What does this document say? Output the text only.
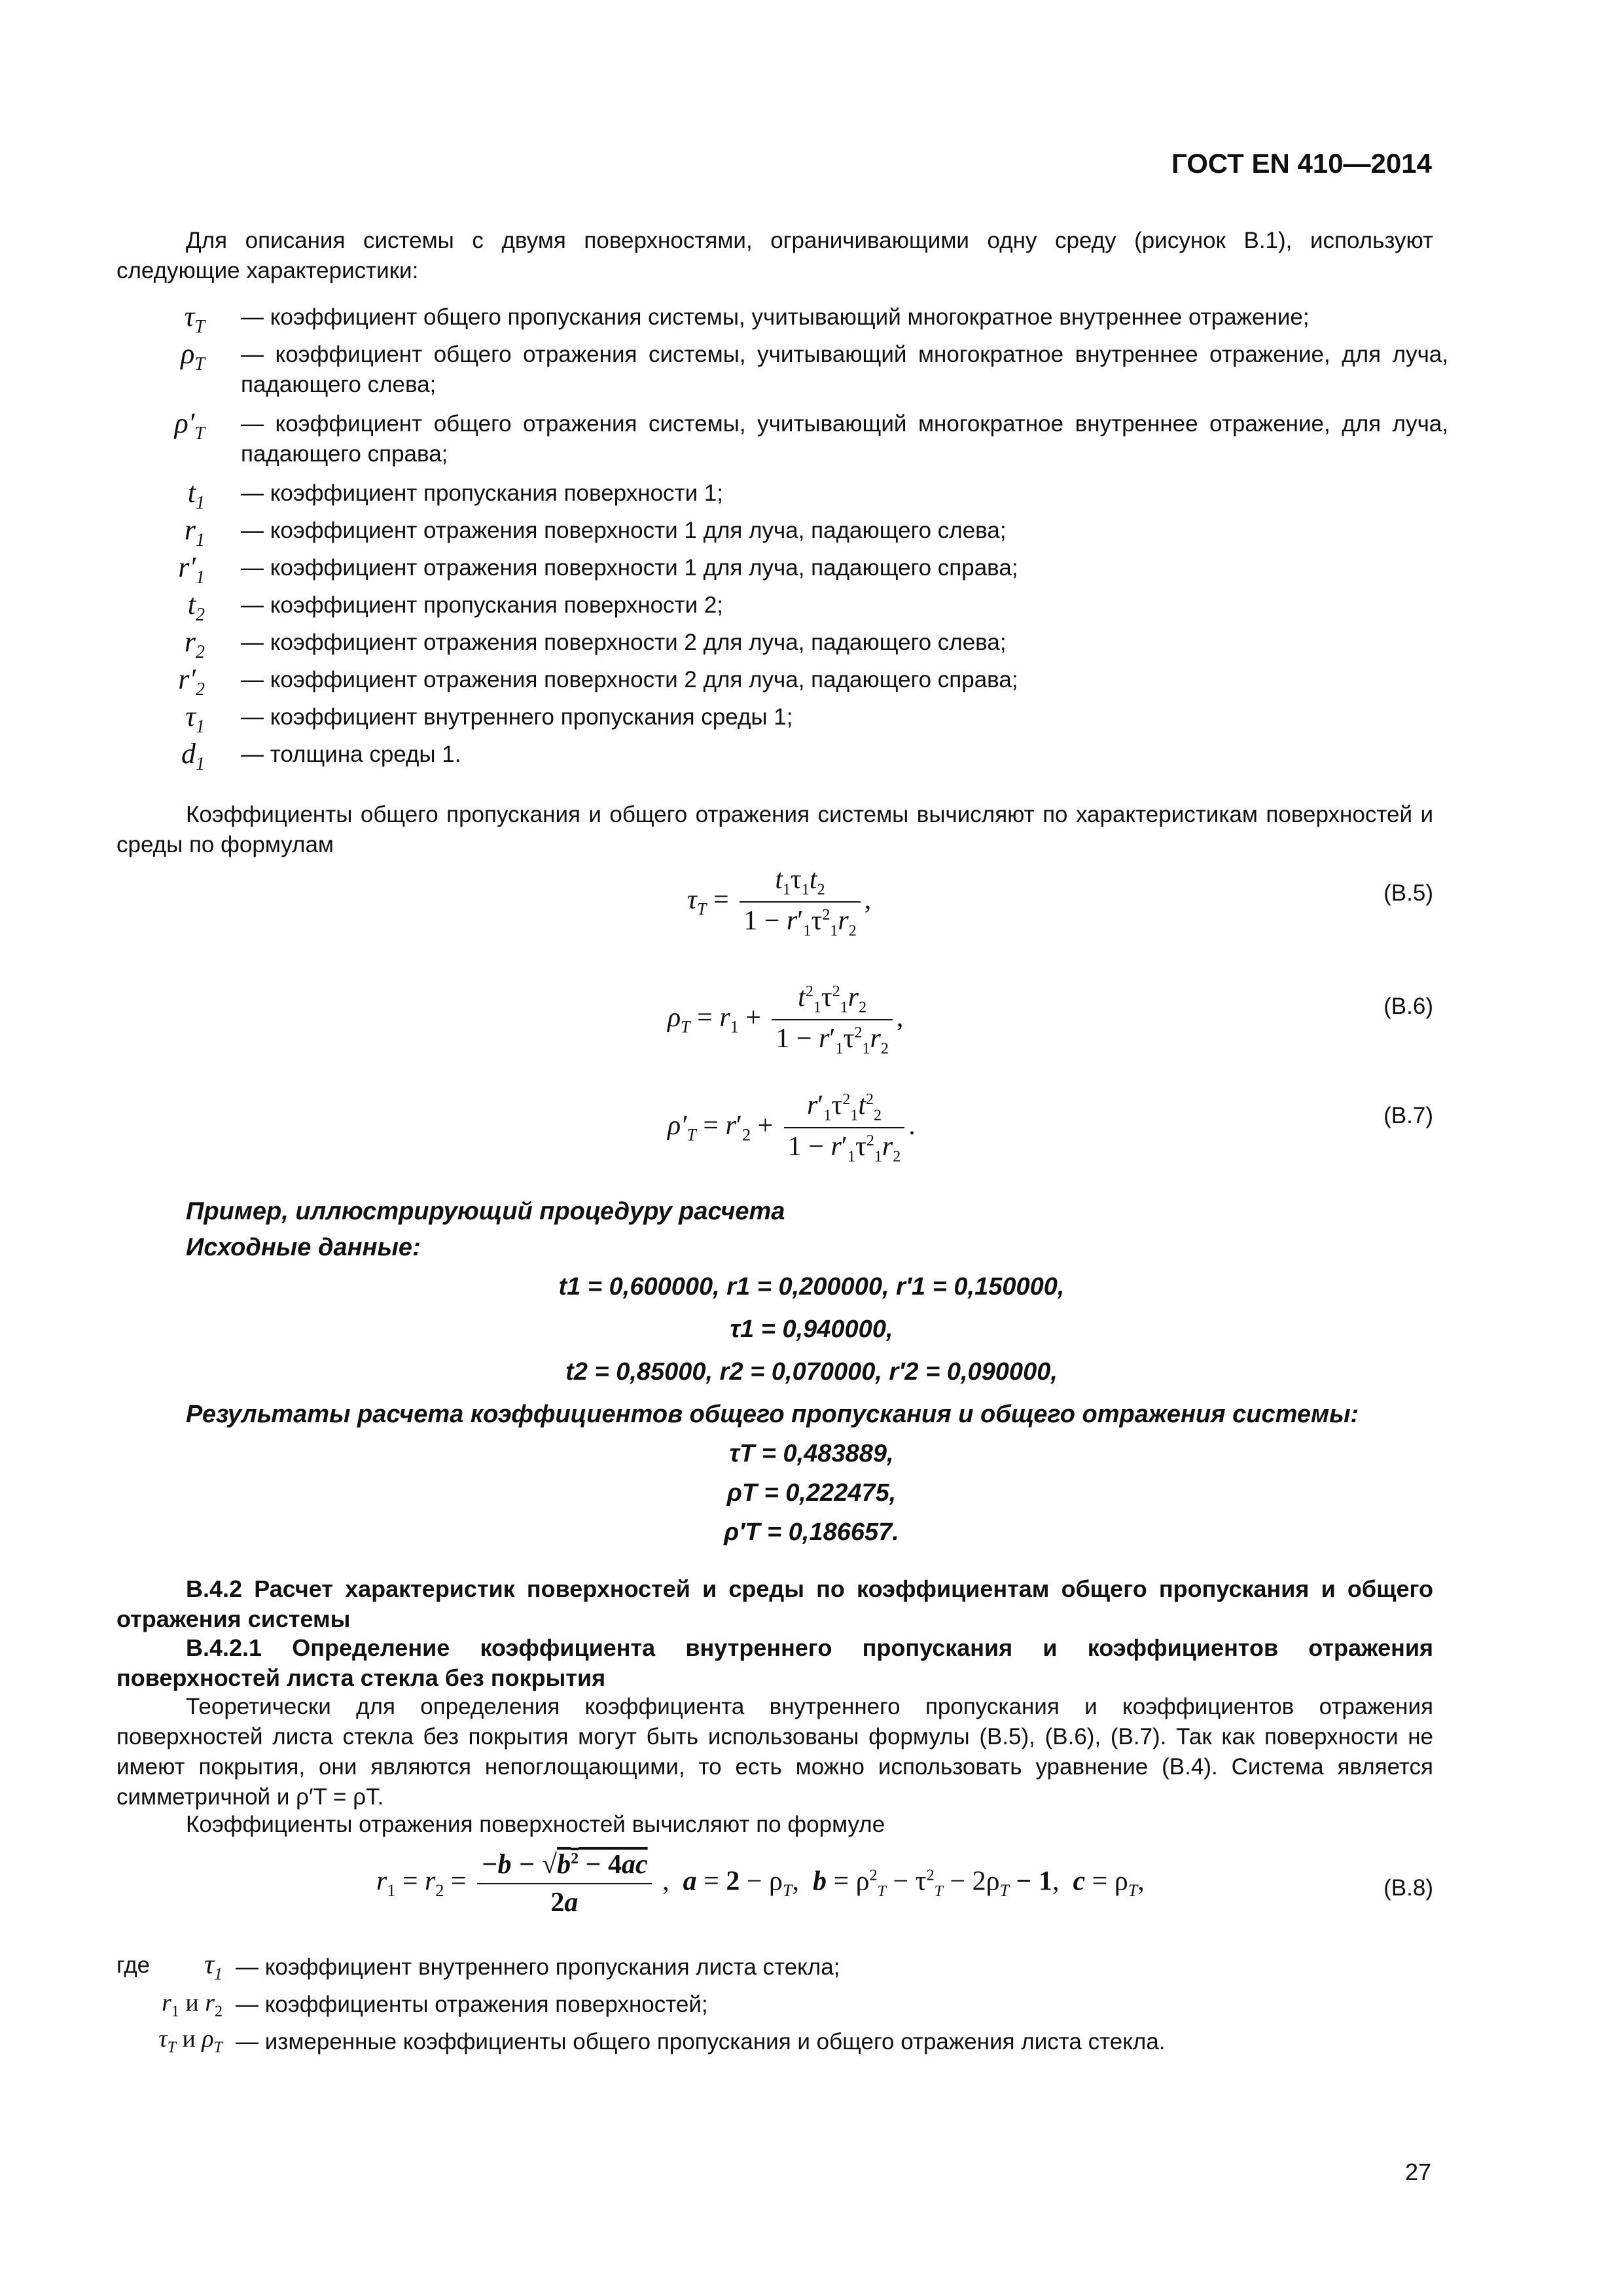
ГОСТ EN 410—2014
Для описания системы с двумя поверхностями, ограничивающими одну среду (рисунок В.1), используют следующие характеристики:
$\tau_T$ — коэффициент общего пропускания системы, учитывающий многократное внутреннее отражение;
$\rho_T$ — коэффициент общего отражения системы, учитывающий многократное внутреннее отражение, для луча, падающего слева;
$\rho'_T$ — коэффициент общего отражения системы, учитывающий многократное внутреннее отражение, для луча, падающего справа;
$t_1$ — коэффициент пропускания поверхности 1;
$r_1$ — коэффициент отражения поверхности 1 для луча, падающего слева;
$r'_1$ — коэффициент отражения поверхности 1 для луча, падающего справа;
$t_2$ — коэффициент пропускания поверхности 2;
$r_2$ — коэффициент отражения поверхности 2 для луча, падающего слева;
$r'_2$ — коэффициент отражения поверхности 2 для луча, падающего справа;
$\tau_1$ — коэффициент внутреннего пропускания среды 1;
$d_1$ — толщина среды 1.
Коэффициенты общего пропускания и общего отражения системы вычисляют по характеристикам поверхностей и среды по формулам
$\tau_T = \frac{t_1\tau_1t_2}{1 - r'_1\tau^2_1r_2}$ ,	(В.5)
$\rho_T = r_1 + \frac{t^2_1\tau^2_1r_2}{1 - r'_1\tau^2_1r_2}$ ,	(В.6)
$\rho'_T = r'_2 + \frac{r'_1\tau^2_1t^2_2}{1 - r'_1\tau^2_1r_2}$ .	(В.7)
Пример, иллюстрирующий процедуру расчета
Исходные данные:
t1 = 0,600000, r1 = 0,200000, r′1 = 0,150000,
τ1 = 0,940000,
t2 = 0,85000, r2 = 0,070000, r′2 = 0,090000,
Результаты расчета коэффициентов общего пропускания и общего отражения системы:
τT = 0,483889,
ρT = 0,222475,
ρ′T = 0,186657.
В.4.2 Расчет характеристик поверхностей и среды по коэффициентам общего пропускания и общего отражения системы
В.4.2.1 Определение коэффициента внутреннего пропускания и коэффициентов отражения поверхностей листа стекла без покрытия
Теоретически для определения коэффициента внутреннего пропускания и коэффициентов отражения поверхностей листа стекла без покрытия могут быть использованы формулы (В.5), (В.6), (В.7). Так как поверхности не имеют покрытия, они являются непоглощающими, то есть можно использовать уравнение (В.4). Система является симметричной и ρ′T = ρT.
Коэффициенты отражения поверхностей вычисляют по формуле
$r_1 = r_2 = \frac{-b - √b^2 - 4ac}{2a}$ ,  $a = 2 - \rho_T$,  $b = \rho^2_T - \tau^2_T - 2\rho_T - 1$,  $c = \rho_T$,	(В.8)
где	$\tau_1$ — коэффициент внутреннего пропускания листа стекла;
$r_1$ и $r_2$ — коэффициенты отражения поверхностей;
$\tau_T$ и $\rho_T$ — измеренные коэффициенты общего пропускания и общего отражения листа стекла.
27
